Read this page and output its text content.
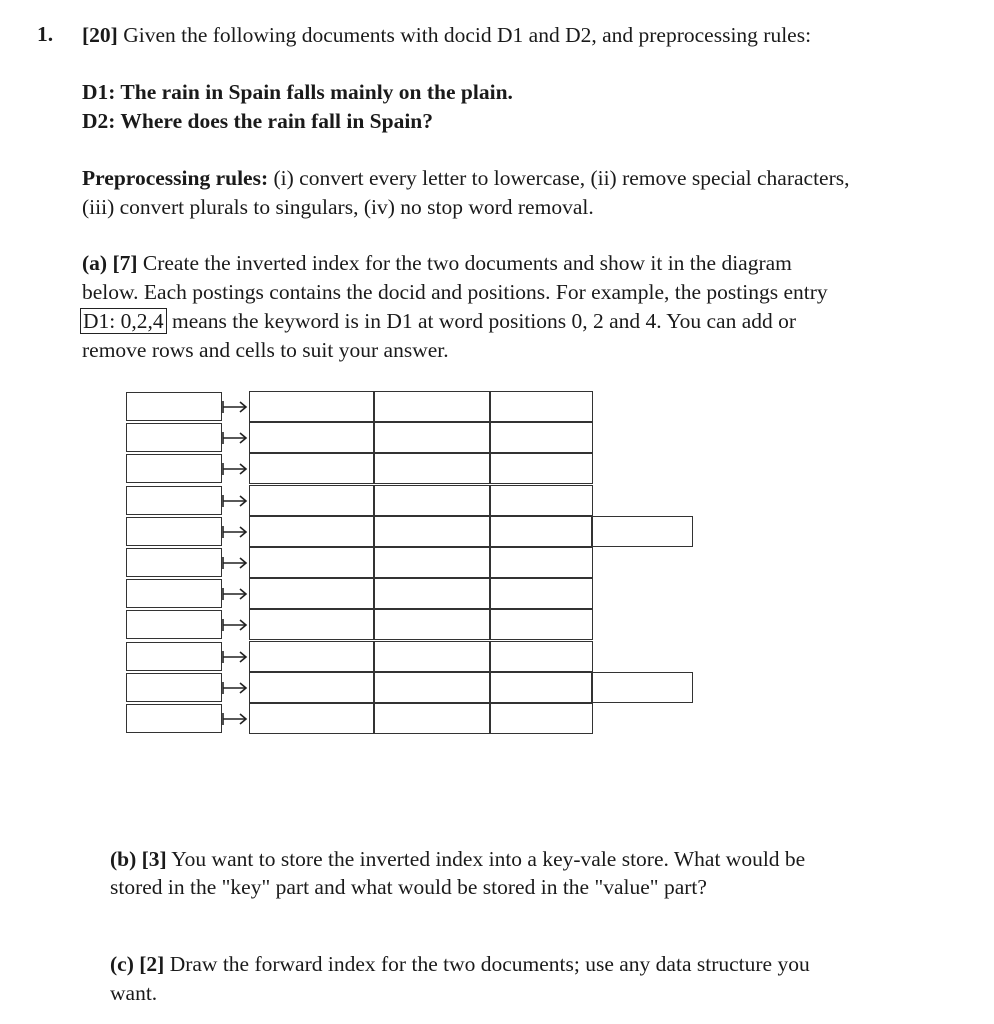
1. [20] Given the following documents with docid D1 and D2, and preprocessing rules:
D1: The rain in Spain falls mainly on the plain.
D2: Where does the rain fall in Spain?
Preprocessing rules: (i) convert every letter to lowercase, (ii) remove special characters,
(iii) convert plurals to singulars, (iv) no stop word removal.
(a) [7] Create the inverted index for the two documents and show it in the diagram
below. Each postings contains the docid and positions. For example, the postings entry
D1: 0,2,4 means the keyword is in D1 at word positions 0, 2 and 4. You can add or
remove rows and cells to suit your answer.
(b) [3] You want to store the inverted index into a key-vale store. What would be
stored in the "key" part and what would be stored in the "value" part?
(c) [2] Draw the forward index for the two documents; use any data structure you
want.
